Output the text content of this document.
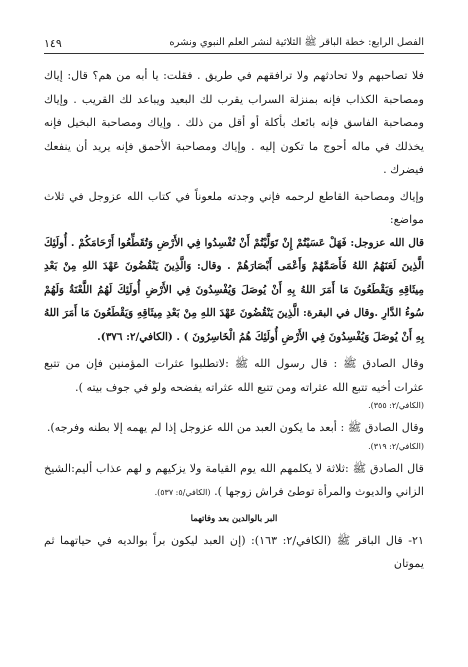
الفصل الرابع: خطة الباقر ﷺ الثلاثية لنشر العلم النبوي ونشره
١٤٩

فلا تصاحبهم ولا تحادثهم ولا ترافقهم في طريق . فقلت: يا أبه من هم؟ قال: إياك ومصاحبة الكذاب فإنه بمنزلة السراب يقرب لك البعيد ويباعد لك القريب . وإياك ومصاحبة الفاسق فإنه بائعك بأكلة أو أقل من ذلك . وإياك ومصاحبة البخيل فإنه يخذلك في ماله أحوج ما تكون إليه . وإياك ومصاحبة الأحمق فإنه يريد أن ينفعك فيضرك .

وإياك ومصاحبة القاطع لرحمه فإني وجدته ملعوناً في كتاب الله عزوجل في ثلاث مواضع:

قال الله عزوجل: فَهَلْ عَسَيْتُمْ إِنْ تَوَلَّيْتُمْ أَنْ تُفْسِدُوا فِي الأَرْضِ وَتُقَطِّعُوا أَرْحَامَكُمْ . أُولَئِكَ الَّذِينَ لَعَنَهُمُ اللهُ فَأَصَمَّهُمْ وَأَعْمَى أَبْصَارَهُمْ . وقال: وَالَّذِينَ يَنْقُضُونَ عَهْدَ اللهِ مِنْ بَعْدِ مِيثَاقِهِ وَيَقْطَعُونَ مَا أَمَرَ اللهُ بِهِ أَنْ يُوصَلَ وَيُفْسِدُونَ فِي الأَرْضِ أُولَئِكَ لَهُمُ اللَّعْنَةُ وَلَهُمْ سُوءُ الدَّارِ .وقال في البقرة: الَّذِينَ يَنْقُضُونَ عَهْدَ اللهِ مِنْ بَعْدِ مِيثَاقِهِ وَيَقْطَعُونَ مَا أَمَرَ اللهُ بِهِ أَنْ يُوصَلَ وَيُفْسِدُونَ فِي الأَرْضِ أُولَئِكَ هُمُ الْخَاسِرُونَ ) . (الكافي/٢: ٣٧٦).

وقال الصادق ﷺ : قال رسول الله ﷺ :لاتطلبوا عثرات المؤمنين فإن من تتبع عثرات أخيه تتبع الله عثراته ومن تتبع الله عثراته يفضحه ولو في جوف بيته ).

(الكافي/٢: ٣٥٥).

وقال الصادق ﷺ : أبعد ما يكون العبد من الله عزوجل إذا لم يهمه إلا بطنه وفرجه).

(الكافي/٢: ٣١٩).

قال الصادق ﷺ :ثلاثة لا يكلمهم الله يوم القيامة ولا يزكيهم و لهم عذاب أليم:الشيخ الزاني والديوث والمرأة توطئ فراش زوجها ). (الكافي/٥: ٥٣٧).

البر بالوالدين بعد وفاتهما

٢١- قال الباقر ﷺ (الكافي/٢: ١٦٣): (إن العبد ليكون براً بوالديه في حياتهما ثم يموتان
